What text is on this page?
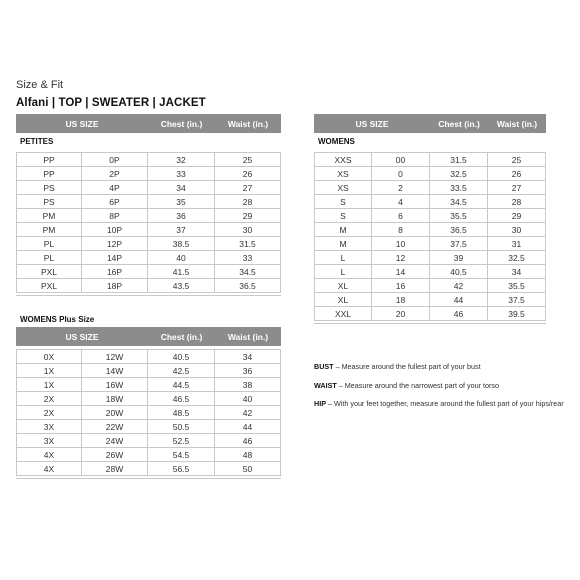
Size & Fit
Alfani | TOP | SWEATER | JACKET
US SIZE		Chest (in.)	Waist (in.)
PETITES			

PP	0P	32	25
PP	2P	33	26
PS	4P	34	27
PS	6P	35	28
PM	8P	36	29
PM	10P	37	30
PL	12P	38.5	31.5
PL	14P	40	33
PXL	16P	41.5	34.5
PXL	18P	43.5	36.5

WOMENS Plus Size			
US SIZE		Chest (in.)	Waist (in.)

0X	12W	40.5	34
1X	14W	42.5	36
1X	16W	44.5	38
2X	18W	46.5	40
2X	20W	48.5	42
3X	22W	50.5	44
3X	24W	52.5	46
4X	26W	54.5	48
4X	28W	56.5	50

US SIZE		Chest (in.)	Waist (in.)
WOMENS			

XXS	00	31.5	25
XS	0	32.5	26
XS	2	33.5	27
S	4	34.5	28
S	6	35.5	29
M	8	36.5	30
M	10	37.5	31
L	12	39	32.5
L	14	40.5	34
XL	16	42	35.5
XL	18	44	37.5
XXL	20	46	39.5

BUST – Measure around the fullest part of your bust

WAIST – Measure around the narrowest part of your torso

HIP – With your feet together, measure around the fullest part of your hips/rear
